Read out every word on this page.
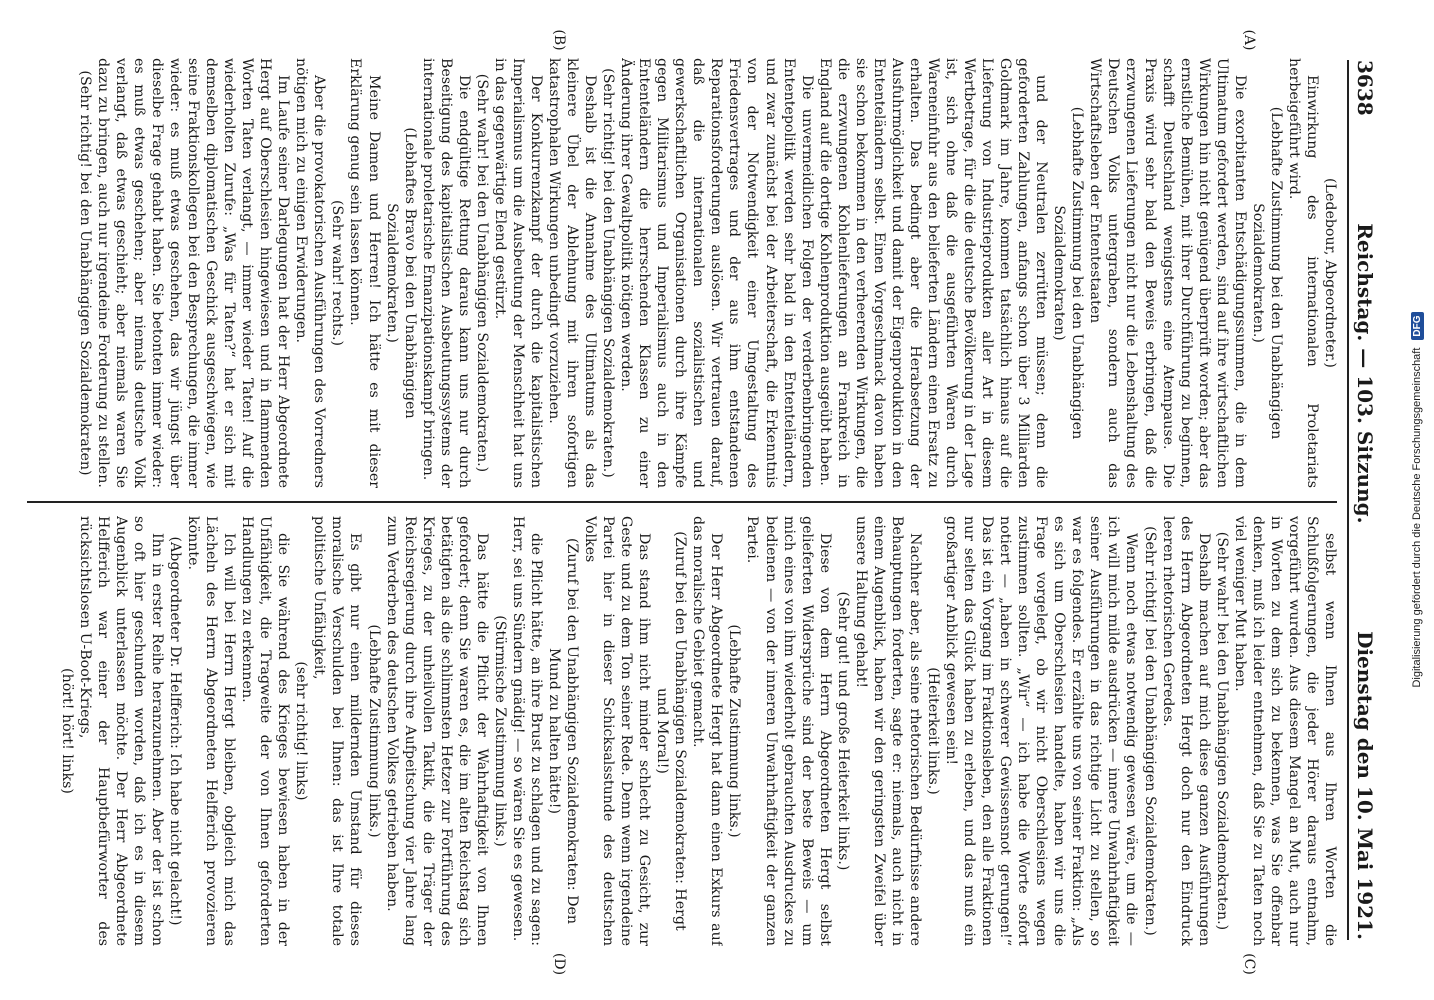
3638
Reichstag. — 103. Sitzung.
Dienstag den 10. Mai 1921.
(A)
(B)
(C)
(D)

(Ledebour, Abgeordneter.)

Einwirkung des internationalen Proletariats herbeigeführt wird.

(Lebhafte Zustimmung bei den Unabhängigen Sozialdemokraten.)

Die exorbitanten Entschädigungssummen, die in dem Ultimatum gefordert werden, sind auf ihre wirtschaftlichen Wirkungen hin nicht genügend überprüft worden; aber das ernstliche Bemühen, mit ihrer Durchführung zu beginnen, schafft Deutschland wenigstens eine Atempause. Die Praxis wird sehr bald den Beweis erbringen, daß die erzwungenen Lieferungen nicht nur die Lebenshaltung des Deutschen Volks untergraben, sondern auch das Wirtschaftsleben der Ententestaaten

(Lebhafte Zustimmung bei den Unabhängigen Sozialdemokraten)

und der Neutralen zerrütten müssen; denn die geforderten Zahlungen, anfangs schon über 3 Milliarden Goldmark im Jahre, kommen tatsächlich hinaus auf die Lieferung von Industrieprodukten aller Art in diesem Wertbetrage, für die die deutsche Bevölkerung in der Lage ist, sich ohne daß die ausgeführten Waren durch Wareneinfuhr aus den belieferten Ländern einen Ersatz zu erhalten. Das bedingt aber die Herabsetzung der Ausfuhrmöglichkeit und damit der Eigenproduktion in den Ententeländern selbst. Einen Vorgeschmack davon haben sie schon bekommen in den verheerenden Wirkungen, die die erzwungenen Kohlenlieferungen an Frankreich in England auf die dortige Kohlenproduktion ausgeübt haben.

Die unvermeidlichen Folgen der verderbenbringenden Ententepolitik werden sehr bald in den Ententeländern, und zwar zunächst bei der Arbeiterschaft, die Erkenntnis von der Notwendigkeit einer Umgestaltung des Friedensvertrages und der aus ihm entstandenen Reparationsforderungen auslösen. Wir vertrauen darauf, daß die internationalen sozialistischen und gewerkschaftlichen Organisationen durch ihre Kämpfe gegen Militarismus und Imperialismus auch in den Ententeländern die herrschenden Klassen zu einer Änderung ihrer Gewaltpolitik nötigen werden.

(Sehr richtig! bei den Unabhängigen Sozialdemokraten.)

Deshalb ist die Annahme des Ultimatums als das kleinere Übel der Ablehnung mit ihren sofortigen katastrophalen Wirkungen unbedingt vorzuziehen.

Der Konkurrenzkampf der durch die kapitalistischen Imperialismus um die Ausbeutung der Menschheit hat uns in das gegenwärtige Elend gestürzt.

(Sehr wahr! bei den Unabhängigen Sozialdemokraten.)

Die endgültige Rettung daraus kann uns nur durch Beseitigung des kapitalistischen Ausbeutungssystems der internationale proletarische Emanzipationskampf bringen.

(Lebhaftes Bravo bei den Unabhängigen Sozialdemokraten.)

Meine Damen und Herren! Ich hätte es mit dieser Erklärung genug sein lassen können.

(Sehr wahr! rechts.)

Aber die provokatorischen Ausführungen des Vorredners nötigen mich zu einigen Erwiderungen.

Im Laufe seiner Darlegungen hat der Herr Abgeordnete Hergt auf Oberschlesien hingewiesen und in flammenden Worten Taten verlangt, — immer wieder Taten! Auf die wiederholten Zurufe: „Was für Taten?“ hat er sich mit demselben diplomatischen Geschick ausgeschwiegen, wie seine Fraktionskollegen bei den Besprechungen, die immer wieder: es muß etwas geschehen, das wir jüngst über dieselbe Frage gehabt haben. Sie betonten immer wieder: es muß etwas geschehen; aber niemals deutsche Volk verlangt, daß etwas geschieht; aber niemals waren Sie dazu zu bringen, auch nur irgendeine Forderung zu stellen.

(Sehr richtig! bei den Unabhängigen Sozialdemokraten)

selbst wenn Ihnen aus Ihren Worten die Schlußfolgerungen, die jeder Hörer daraus entnahm, vorgeführt wurden. Aus diesem Mangel an Mut, auch nur in Worten zu dem sich zu bekennen, was Sie offenbar denken, muß ich leider entnehmen, daß Sie zu Taten noch viel weniger Mut haben.

(Sehr wahr! bei den Unabhängigen Sozialdemokraten.)

Deshalb machen auf mich diese ganzen Ausführungen des Herrn Abgeordneten Hergt doch nur den Eindruck leeren rhetorischen Geredes.

(Sehr richtig! bei den Unabhängigen Sozialdemokraten.)

Wenn noch etwas notwendig gewesen wäre, um die — ich will mich milde ausdrücken — innere Unwahrhaftigkeit seiner Ausführungen in das richtige Licht zu stellen, so war es folgendes. Er erzählte uns von seiner Fraktion: „Als es sich um Oberschlesien handelte, haben wir uns die Frage vorgelegt, ob wir nicht Oberschlesiens wegen zustimmen sollten. „Wir“ — ich habe die Worte sofort notiert — „haben in schwerer Gewissensnot gerungen!“ Das ist ein Vorgang im Fraktionsleben, den alle Fraktionen nur selten das Glück haben zu erleben, und das muß ein großartiger Anblick gewesen sein!

(Heiterkeit links.)

Nachher aber, als seine rhetorischen Bedürfnisse andere Behauptungen forderten, sagte er: niemals, auch nicht in einem Augenblick, haben wir den geringsten Zweifel über unsere Haltung gehabt!

(Sehr gut! und große Heiterkeit links.)

Diese von dem Herrn Abgeordneten Hergt selbst gelieferten Widersprüche sind der beste Beweis — um mich eines von ihm wiederholt gebrauchten Ausdruckes zu bedienen — von der inneren Unwahrhaftigkeit der ganzen Partei.

(Lebhafte Zustimmung links.)

Der Herr Abgeordnete Hergt hat dann einen Exkurs auf das moralische Gebiet gemacht.

(Zuruf bei den Unabhängigen Sozialdemokraten: Hergt und Moral!)

Das stand ihm nicht minder schlecht zu Gesicht, zur Geste und zu dem Ton seiner Rede. Denn wenn irgendeine Partei hier in dieser Schicksalsstunde des deutschen Volkes

(Zuruf bei den Unabhängigen Sozialdemokraten: Den Mund zu halten hätte!)

die Pflicht hätte, an ihre Brust zu schlagen und zu sagen: Herr, sei uns Sündern gnädig! — so wären Sie es gewesen.

(Stürmische Zustimmung links.)

Das hätte die Pflicht der Wahrhaftigkeit von Ihnen gefordert; denn Sie waren es, die im alten Reichstag sich betätigten als die schlimmsten Hetzer zur Fortführung des Krieges, zu der unheilvollen Taktik, die die Träger der Reichsregierung durch ihre Aufpeitschung vier Jahre lang zum Verderben des deutschen Volkes getrieben haben.

(Lebhafte Zustimmung links.)

Es gibt nur einen mildernden Umstand für dieses moralische Verschulden bei Ihnen: das ist Ihre totale politische Unfähigkeit,

(sehr richtig! links)

die Sie während des Krieges bewiesen haben in der Unfähigkeit, die Tragweite der von Ihnen geforderten Handlungen zu erkennen.

Ich will bei Herrn Hergt bleiben, obgleich mich das Lächeln des Herrn Abgeordneten Helfferich provozieren könnte.

(Abgeordneter Dr. Helfferich: Ich habe nicht gelacht!)

Ihn in erster Reihe heranzunehmen. Aber der ist schon so oft hier geschunden worden, daß ich es in diesem Augenblick unterlassen möchte. Der Herr Abgeordnete Helfferich war einer der Hauptbefürworter des rücksichtslosen U-Boot-Kriegs,

(hört! hört! links)

Digitalisierung gefördert durch die Deutsche Forschungsgemeinschaft
DFG
